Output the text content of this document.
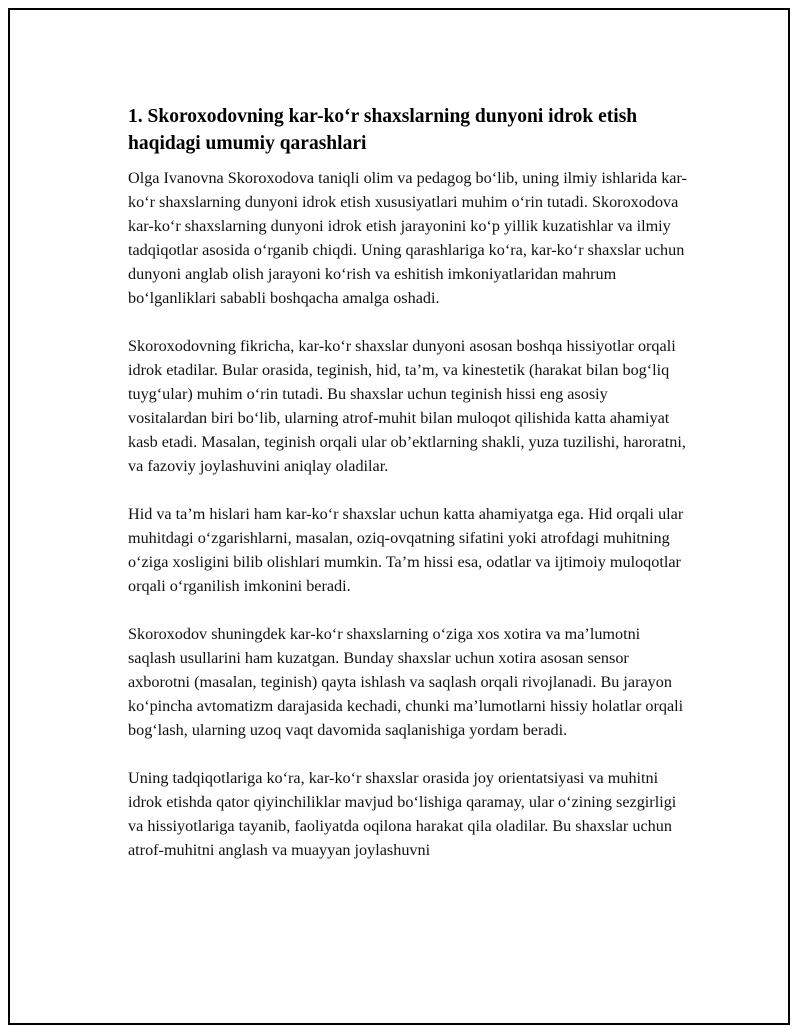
1. Skoroxodovning kar-ko‘r shaxslarning dunyoni idrok etish haqidagi umumiy qarashlari

Olga Ivanovna Skoroxodova taniqli olim va pedagog bo‘lib, uning ilmiy ishlarida kar-ko‘r shaxslarning dunyoni idrok etish xususiyatlari muhim o‘rin tutadi. Skoroxodova kar-ko‘r shaxslarning dunyoni idrok etish jarayonini ko‘p yillik kuzatishlar va ilmiy tadqiqotlar asosida o‘rganib chiqdi. Uning qarashlariga ko‘ra, kar-ko‘r shaxslar uchun dunyoni anglab olish jarayoni ko‘rish va eshitish imkoniyatlaridan mahrum bo‘lganliklari sababli boshqacha amalga oshadi.

Skoroxodovning fikricha, kar-ko‘r shaxslar dunyoni asosan boshqa hissiyotlar orqali idrok etadilar. Bular orasida, teginish, hid, ta’m, va kinestetik (harakat bilan bog‘liq tuyg‘ular) muhim o‘rin tutadi. Bu shaxslar uchun teginish hissi eng asosiy vositalardan biri bo‘lib, ularning atrof-muhit bilan muloqot qilishida katta ahamiyat kasb etadi. Masalan, teginish orqali ular ob’ektlarning shakli, yuza tuzilishi, haroratni, va fazoviy joylashuvini aniqlay oladilar.

Hid va ta’m hislari ham kar-ko‘r shaxslar uchun katta ahamiyatga ega. Hid orqali ular muhitdagi o‘zgarishlarni, masalan, oziq-ovqatning sifatini yoki atrofdagi muhitning o‘ziga xosligini bilib olishlari mumkin. Ta’m hissi esa, odatlar va ijtimoiy muloqotlar orqali o‘rganilish imkonini beradi.

Skoroxodov shuningdek kar-ko‘r shaxslarning o‘ziga xos xotira va ma’lumotni saqlash usullarini ham kuzatgan. Bunday shaxslar uchun xotira asosan sensor axborotni (masalan, teginish) qayta ishlash va saqlash orqali rivojlanadi. Bu jarayon ko‘pincha avtomatizm darajasida kechadi, chunki ma’lumotlarni hissiy holatlar orqali bog‘lash, ularning uzoq vaqt davomida saqlanishiga yordam beradi.

Uning tadqiqotlariga ko‘ra, kar-ko‘r shaxslar orasida joy orientatsiyasi va muhitni idrok etishda qator qiyinchiliklar mavjud bo‘lishiga qaramay, ular o‘zining sezgirligi va hissiyotlariga tayanib, faoliyatda oqilona harakat qila oladilar. Bu shaxslar uchun atrof-muhitni anglash va muayyan joylashuvni
